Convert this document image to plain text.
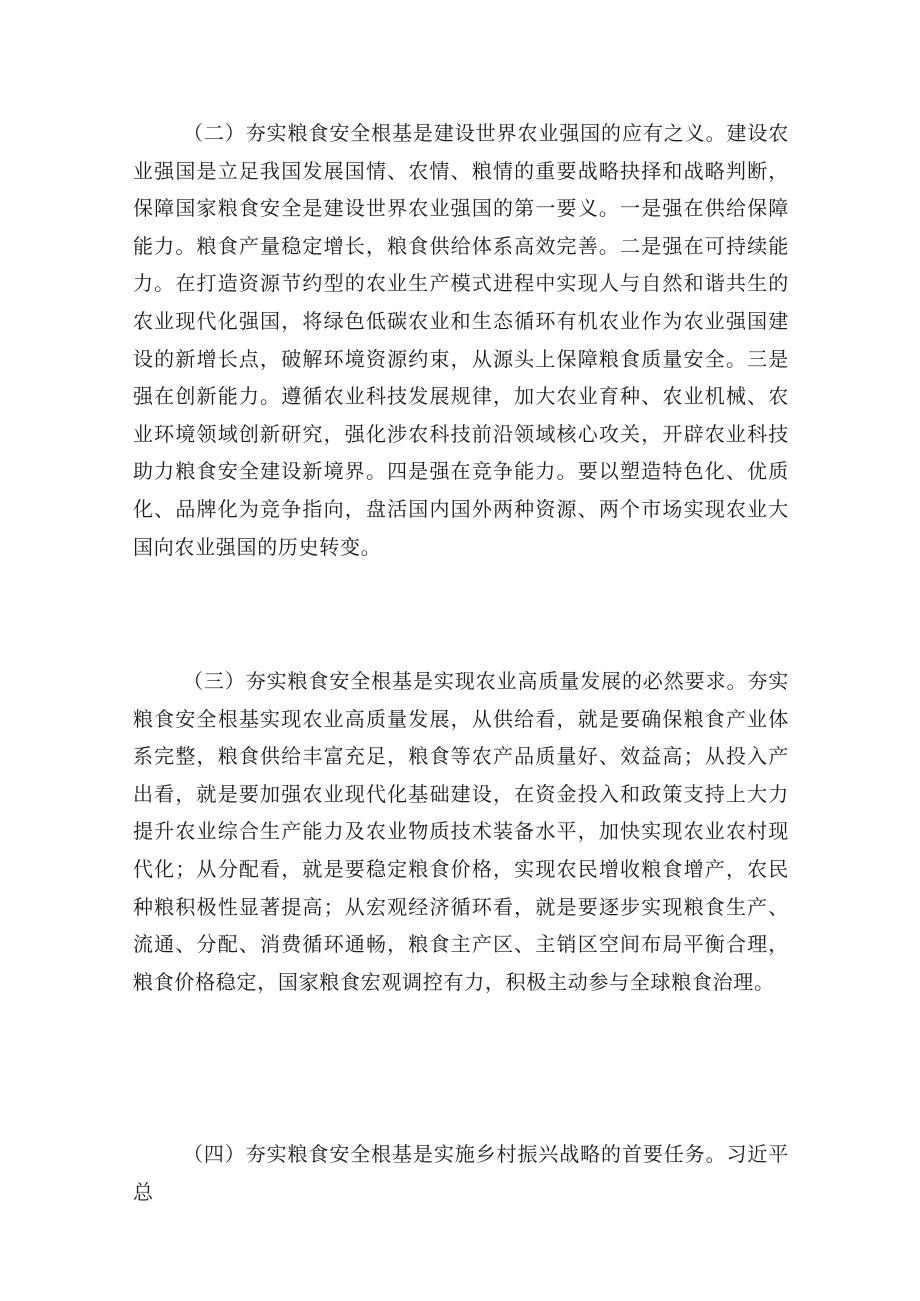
（二）夯实粮食安全根基是建设世界农业强国的应有之义。建设农业强国是立足我国发展国情、农情、粮情的重要战略抉择和战略判断，保障国家粮食安全是建设世界农业强国的第一要义。一是强在供给保障能力。粮食产量稳定增长，粮食供给体系高效完善。二是强在可持续能力。在打造资源节约型的农业生产模式进程中实现人与自然和谐共生的农业现代化强国，将绿色低碳农业和生态循环有机农业作为农业强国建设的新增长点，破解环境资源约束，从源头上保障粮食质量安全。三是强在创新能力。遵循农业科技发展规律，加大农业育种、农业机械、农业环境领域创新研究，强化涉农科技前沿领域核心攻关，开辟农业科技助力粮食安全建设新境界。四是强在竞争能力。要以塑造特色化、优质化、品牌化为竞争指向，盘活国内国外两种资源、两个市场实现农业大国向农业强国的历史转变。

（三）夯实粮食安全根基是实现农业高质量发展的必然要求。夯实粮食安全根基实现农业高质量发展，从供给看，就是要确保粮食产业体系完整，粮食供给丰富充足，粮食等农产品质量好、效益高；从投入产出看，就是要加强农业现代化基础建设，在资金投入和政策支持上大力提升农业综合生产能力及农业物质技术装备水平，加快实现农业农村现代化；从分配看，就是要稳定粮食价格，实现农民增收粮食增产，农民种粮积极性显著提高；从宏观经济循环看，就是要逐步实现粮食生产、流通、分配、消费循环通畅，粮食主产区、主销区空间布局平衡合理，粮食价格稳定，国家粮食宏观调控有力，积极主动参与全球粮食治理。

（四）夯实粮食安全根基是实施乡村振兴战略的首要任务。习近平总
